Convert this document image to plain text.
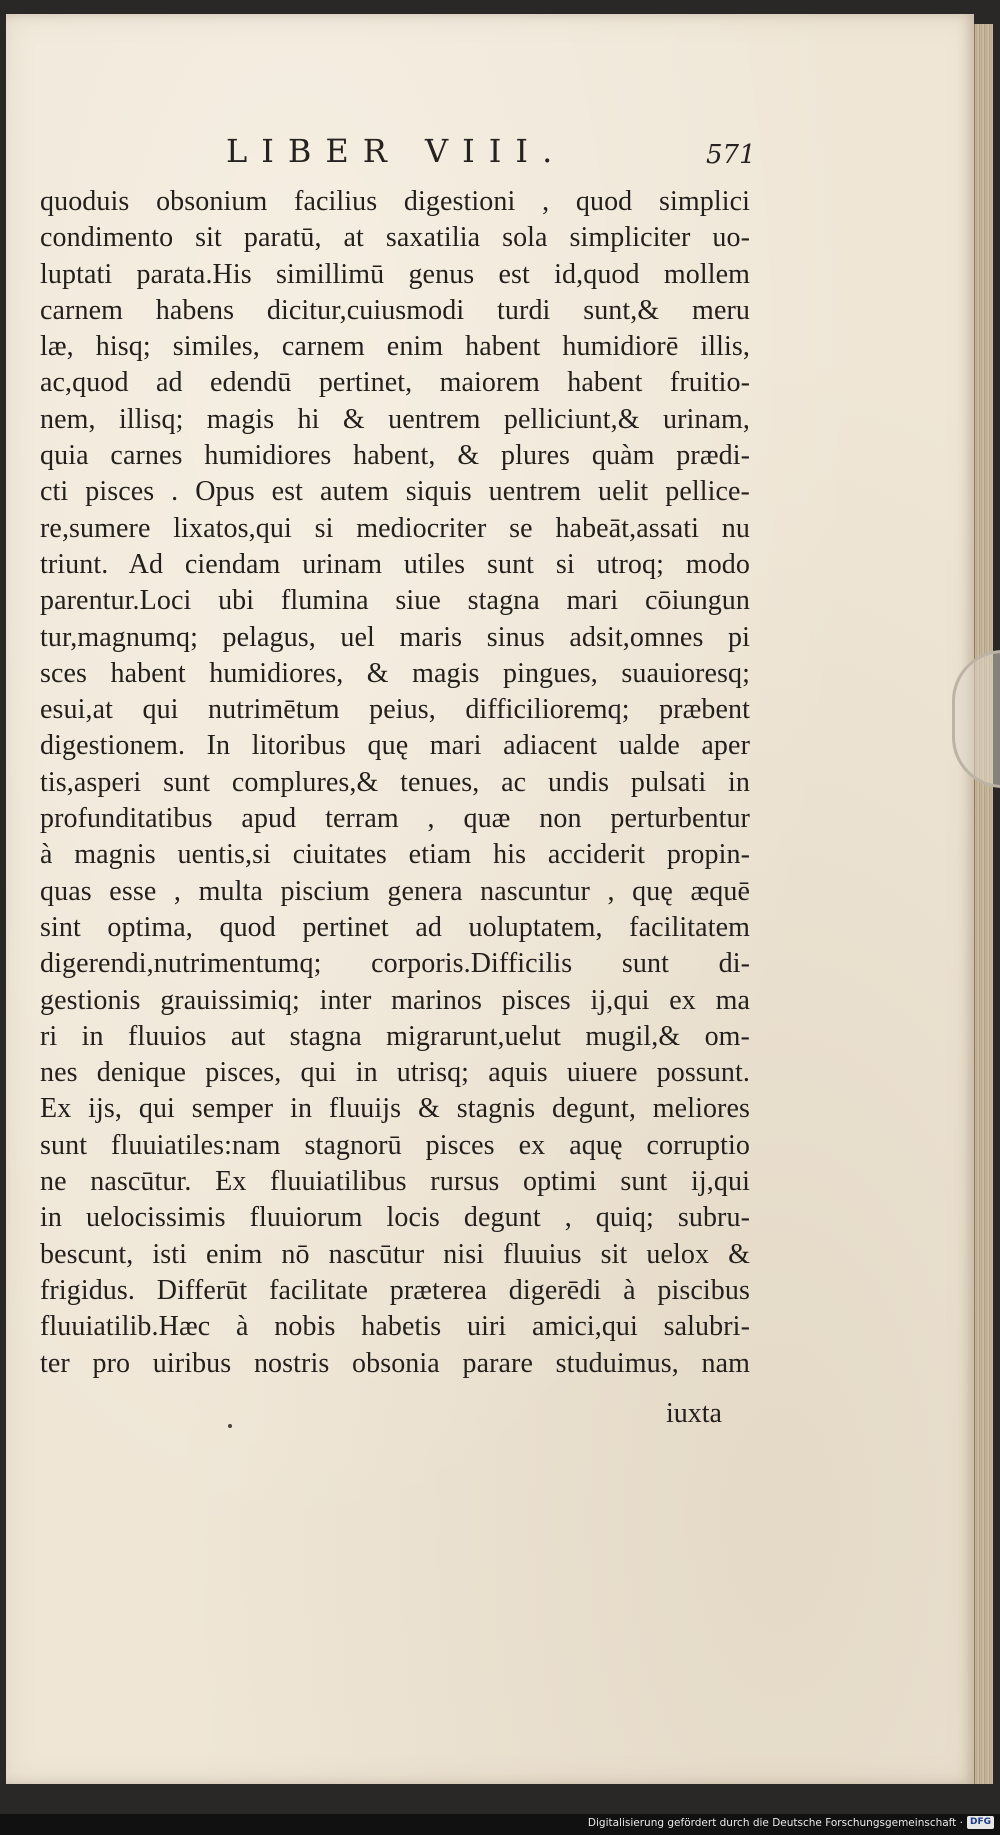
LIBER VIII.	571
quoduis obsonium facilius digestioni , quod simplici
condimento sit paratū, at saxatilia sola simpliciter uo-
luptati parata.His simillimū genus est id,quod mollem
carnem habens dicitur,cuiusmodi turdi sunt,& meru
læ, hisq; similes, carnem enim habent humidiorē illis,
ac,quod ad edendū pertinet, maiorem habent fruitio-
nem, illisq; magis hi & uentrem pelliciunt,& urinam,
quia carnes humidiores habent, & plures quàm prædi-
cti pisces . Opus est autem siquis uentrem uelit pellice-
re,sumere lixatos,qui si mediocriter se habeāt,assati nu
triunt. Ad ciendam urinam utiles sunt si utroq; modo
parentur.Loci ubi flumina siue stagna mari cōiungun
tur,magnumq; pelagus, uel maris sinus adsit,omnes pi
sces habent humidiores, & magis pingues, suauioresq;
esui,at qui nutrimētum peius, difficilioremq; præbent
digestionem. In litoribus quę mari adiacent ualde aper
tis,asperi sunt complures,& tenues, ac undis pulsati in
profunditatibus apud terram , quæ non perturbentur
à magnis uentis,si ciuitates etiam his acciderit propin-
quas esse , multa piscium genera nascuntur , quę æquē
sint optima, quod pertinet ad uoluptatem, facilitatem
digerendi,nutrimentumq; corporis.Difficilis sunt di-
gestionis grauissimiq; inter marinos pisces ij,qui ex ma
ri in fluuios aut stagna migrarunt,uelut mugil,& om-
nes denique pisces, qui in utrisq; aquis uiuere possunt.
Ex ijs, qui semper in fluuijs & stagnis degunt, meliores
sunt fluuiatiles:nam stagnorū pisces ex aquę corruptio
ne nascūtur. Ex fluuiatilibus rursus optimi sunt ij,qui
in uelocissimis fluuiorum locis degunt , quiq; subru-
bescunt, isti enim nō nascūtur nisi fluuius sit uelox &
frigidus. Differūt facilitate præterea digerēdi à piscibus
fluuiatilib.Hæc à nobis habetis uiri amici,qui salubri-
ter pro uiribus nostris obsonia parare studuimus, nam
iuxta
Digitalisierung gefördert durch die Deutsche Forschungsgemeinschaft · DFG
